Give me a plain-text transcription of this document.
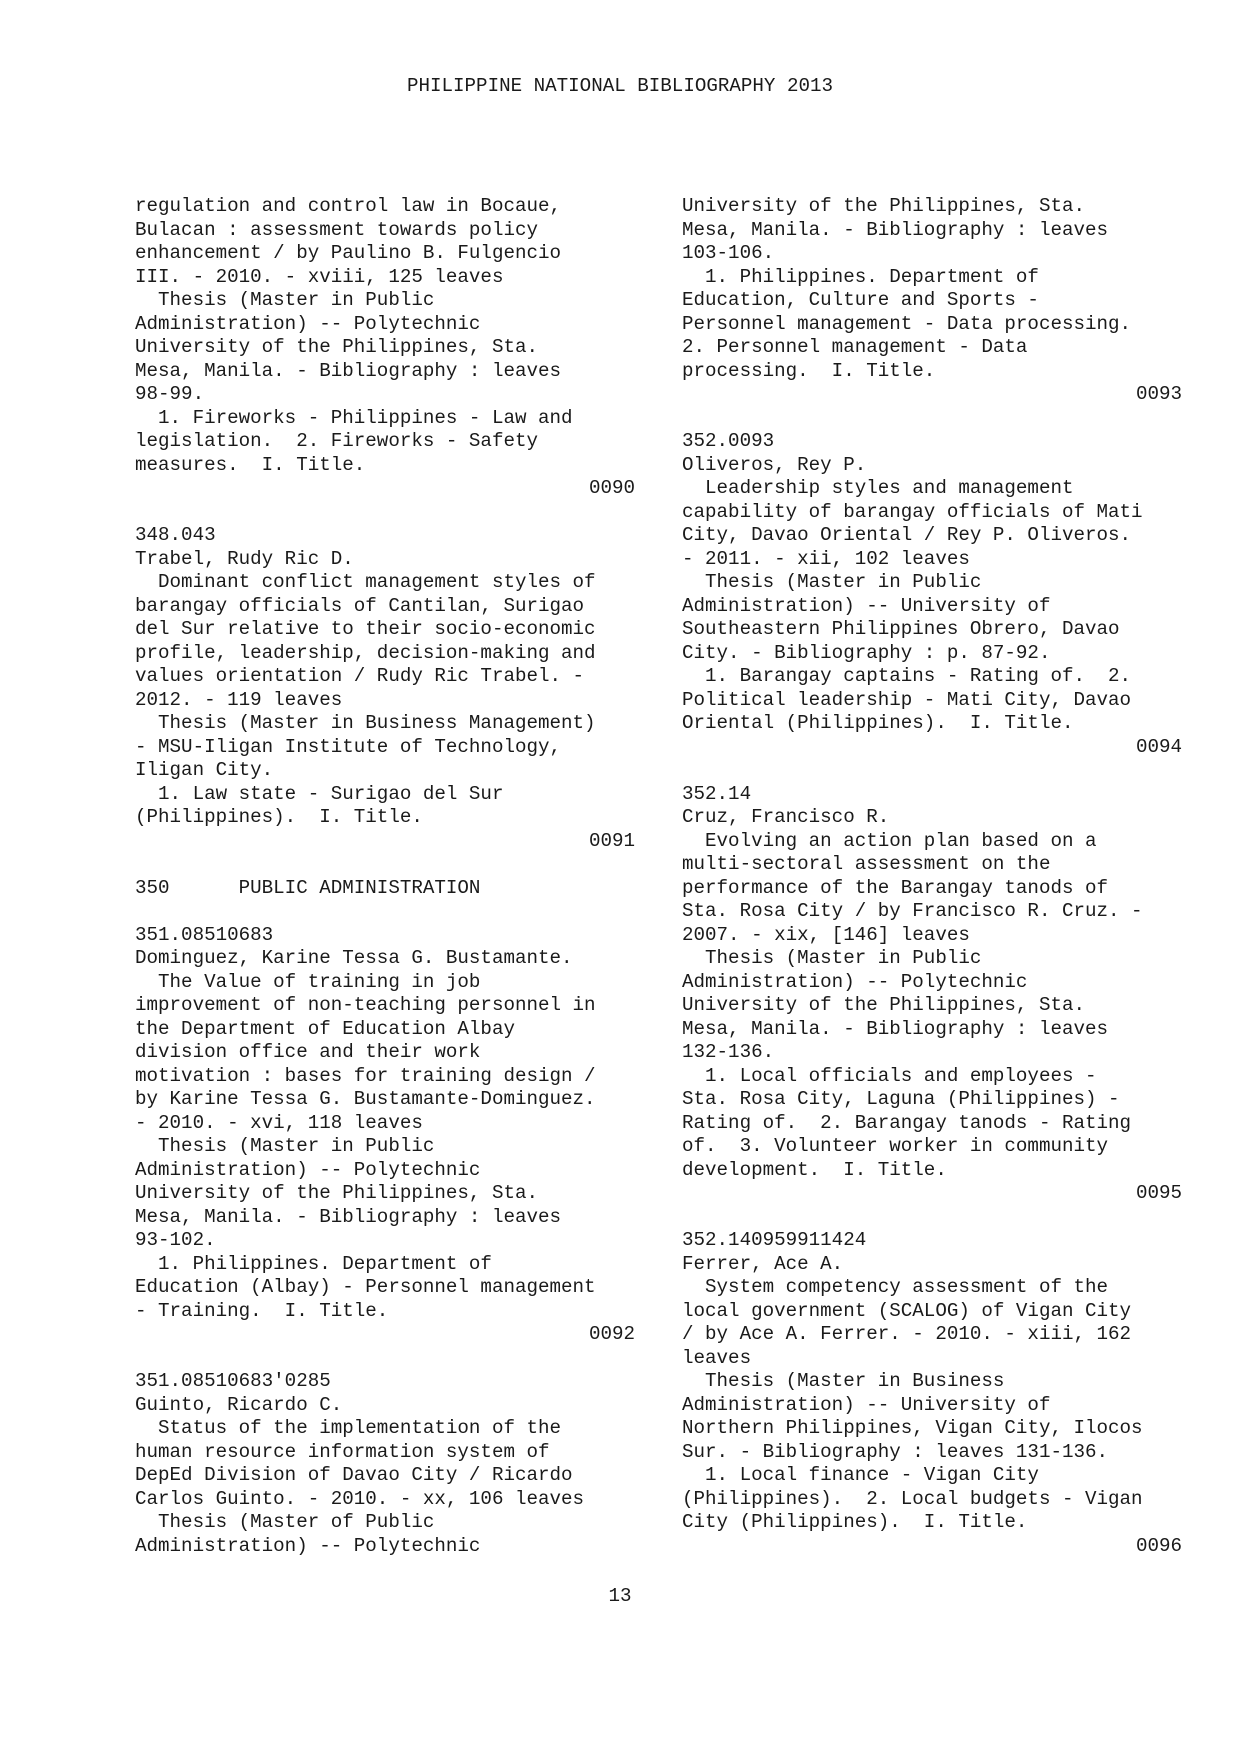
PHILIPPINE NATIONAL BIBLIOGRAPHY 2013
regulation and control law in Bocaue,
Bulacan : assessment towards policy
enhancement / by Paulino B. Fulgencio
III. - 2010. - xviii, 125 leaves
Thesis (Master in Public
Administration) -- Polytechnic
University of the Philippines, Sta.
Mesa, Manila. - Bibliography : leaves
98-99.
1. Fireworks - Philippines - Law and
legislation.  2. Fireworks - Safety
measures.  I. Title.
0090
348.043
Trabel, Rudy Ric D.
Dominant conflict management styles of
barangay officials of Cantilan, Surigao
del Sur relative to their socio-economic
profile, leadership, decision-making and
values orientation / Rudy Ric Trabel. -
2012. - 119 leaves
Thesis (Master in Business Management)
- MSU-Iligan Institute of Technology,
Iligan City.
1. Law state - Surigao del Sur
(Philippines).  I. Title.
0091
350      PUBLIC ADMINISTRATION
351.08510683
Dominguez, Karine Tessa G. Bustamante.
The Value of training in job
improvement of non-teaching personnel in
the Department of Education Albay
division office and their work
motivation : bases for training design /
by Karine Tessa G. Bustamante-Dominguez.
- 2010. - xvi, 118 leaves
Thesis (Master in Public
Administration) -- Polytechnic
University of the Philippines, Sta.
Mesa, Manila. - Bibliography : leaves
93-102.
1. Philippines. Department of
Education (Albay) - Personnel management
- Training.  I. Title.
0092
351.08510683'0285
Guinto, Ricardo C.
Status of the implementation of the
human resource information system of
DepEd Division of Davao City / Ricardo
Carlos Guinto. - 2010. - xx, 106 leaves
Thesis (Master of Public
Administration) -- Polytechnic
University of the Philippines, Sta.
Mesa, Manila. - Bibliography : leaves
103-106.
1. Philippines. Department of
Education, Culture and Sports -
Personnel management - Data processing.
2. Personnel management - Data
processing.  I. Title.
0093
352.0093
Oliveros, Rey P.
Leadership styles and management
capability of barangay officials of Mati
City, Davao Oriental / Rey P. Oliveros.
- 2011. - xii, 102 leaves
Thesis (Master in Public
Administration) -- University of
Southeastern Philippines Obrero, Davao
City. - Bibliography : p. 87-92.
1. Barangay captains - Rating of.  2.
Political leadership - Mati City, Davao
Oriental (Philippines).  I. Title.
0094
352.14
Cruz, Francisco R.
Evolving an action plan based on a
multi-sectoral assessment on the
performance of the Barangay tanods of
Sta. Rosa City / by Francisco R. Cruz. -
2007. - xix, [146] leaves
Thesis (Master in Public
Administration) -- Polytechnic
University of the Philippines, Sta.
Mesa, Manila. - Bibliography : leaves
132-136.
1. Local officials and employees -
Sta. Rosa City, Laguna (Philippines) -
Rating of.  2. Barangay tanods - Rating
of.  3. Volunteer worker in community
development.  I. Title.
0095
352.140959911424
Ferrer, Ace A.
System competency assessment of the
local government (SCALOG) of Vigan City
/ by Ace A. Ferrer. - 2010. - xiii, 162
leaves
Thesis (Master in Business
Administration) -- University of
Northern Philippines, Vigan City, Ilocos
Sur. - Bibliography : leaves 131-136.
1. Local finance - Vigan City
(Philippines).  2. Local budgets - Vigan
City (Philippines).  I. Title.
0096
13
